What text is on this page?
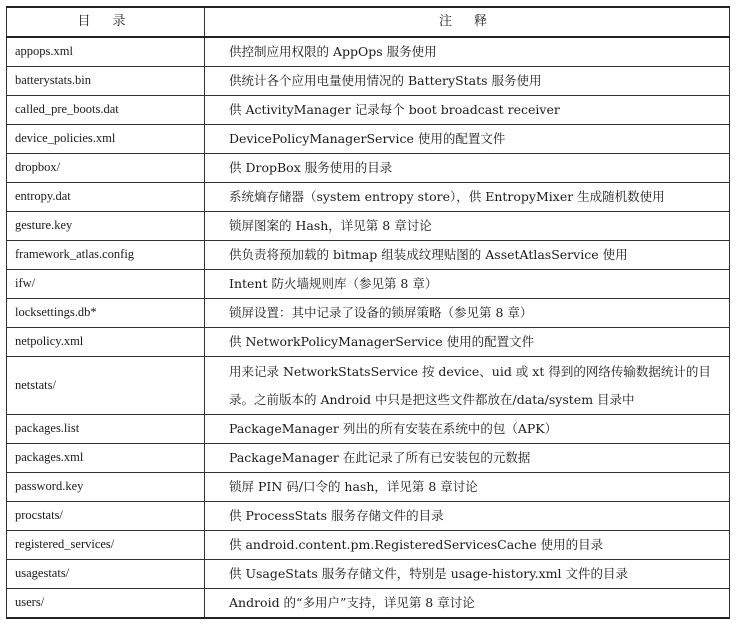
目录	注释
appops.xml	供控制应用权限的 AppOps 服务使用
batterystats.bin	供统计各个应用电量使用情况的 BatteryStats 服务使用
called_pre_boots.dat	供 ActivityManager 记录每个 boot broadcast receiver
device_policies.xml	DevicePolicyManagerService 使用的配置文件
dropbox/	供 DropBox 服务使用的目录
entropy.dat	系统熵存储器（system entropy store），供 EntropyMixer 生成随机数使用
gesture.key	锁屏图案的 Hash，详见第 8 章讨论
framework_atlas.config	供负责将预加载的 bitmap 组装成纹理贴图的 AssetAtlasService 使用
ifw/	Intent 防火墙规则库（参见第 8 章）
locksettings.db*	锁屏设置：其中记录了设备的锁屏策略（参见第 8 章）
netpolicy.xml	供 NetworkPolicyManagerService 使用的配置文件
netstats/	用来记录 NetworkStatsService 按 device、uid 或 xt 得到的网络传输数据统计的目录。之前版本的 Android 中只是把这些文件都放在/data/system 目录中
packages.list	PackageManager 列出的所有安装在系统中的包（APK）
packages.xml	PackageManager 在此记录了所有已安装包的元数据
password.key	锁屏 PIN 码/口令的 hash，详见第 8 章讨论
procstats/	供 ProcessStats 服务存储文件的目录
registered_services/	供 android.content.pm.RegisteredServicesCache 使用的目录
usagestats/	供 UsageStats 服务存储文件，特别是 usage-history.xml 文件的目录
users/	Android 的“多用户”支持，详见第 8 章讨论
